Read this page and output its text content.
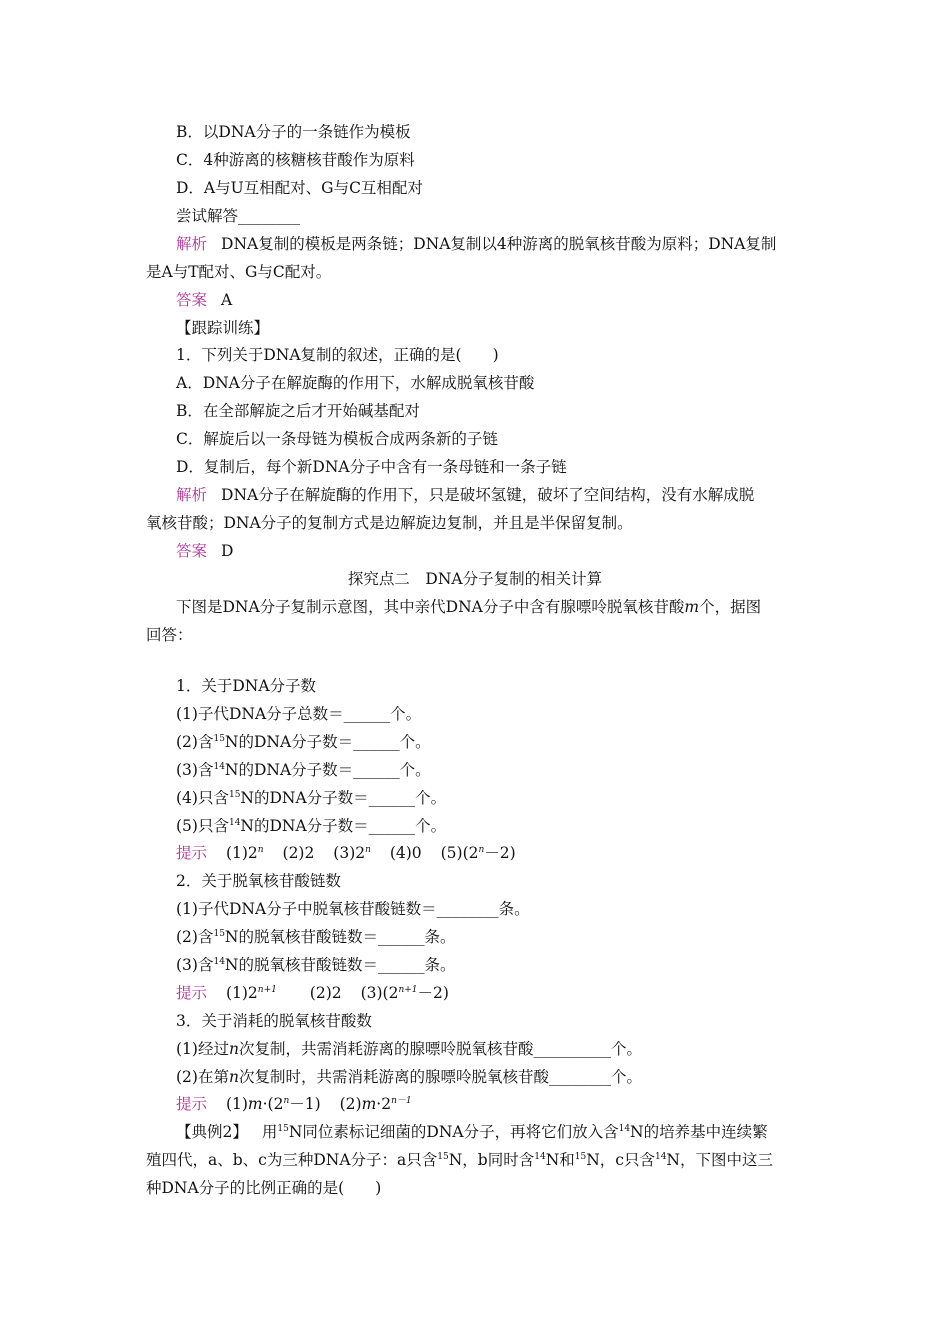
B．以DNA分子的一条链作为模板
C．4种游离的核糖核苷酸作为原料
D．A与U互相配对、G与C互相配对
尝试解答________
解析 DNA复制的模板是两条链；DNA复制以4种游离的脱氧核苷酸为原料；DNA复制
是A与T配对、G与C配对。
答案 A
【跟踪训练】
1．下列关于DNA复制的叙述，正确的是(　　)
A．DNA分子在解旋酶的作用下，水解成脱氧核苷酸
B．在全部解旋之后才开始碱基配对
C．解旋后以一条母链为模板合成两条新的子链
D．复制后，每个新DNA分子中含有一条母链和一条子链
解析 DNA分子在解旋酶的作用下，只是破坏氢键，破坏了空间结构，没有水解成脱
氧核苷酸；DNA分子的复制方式是边解旋边复制，并且是半保留复制。
答案 D
探究点二　DNA分子复制的相关计算
下图是DNA分子复制示意图，其中亲代DNA分子中含有腺嘌呤脱氧核苷酸m个，据图
回答：
1．关于DNA分子数
(1)子代DNA分子总数＝______个。
(2)含$^{15}$N的DNA分子数＝______个。
(3)含$^{14}$N的DNA分子数＝______个。
(4)只含$^{15}$N的DNA分子数＝______个。
(5)只含$^{14}$N的DNA分子数＝______个。
提示 (1)2$^n$ (2)2 (3)2$^n$ (4)0 $(5)(2^n-2)$
2．关于脱氧核苷酸链数
(1)子代DNA分子中脱氧核苷酸链数＝________条。
(2)含$^{15}$N的脱氧核苷酸链数＝______条。
(3)含$^{14}$N的脱氧核苷酸链数＝______条。
提示 $(1)2^{n+1}$ (2)2 $(3)(2^{n+1}-2)$
3．关于消耗的脱氧核苷酸数
(1)经过n次复制，共需消耗游离的腺嘌呤脱氧核苷酸__________个。
(2)在第n次复制时，共需消耗游离的腺嘌呤脱氧核苷酸________个。
提示 $(1)m\cdot(2^n-1)$ $(2)m\cdot 2^{n-1}$
【典例2】 用$^{15}$N同位素标记细菌的DNA分子，再将它们放入含$^{14}$N的培养基中连续繁
殖四代，a、b、c为三种DNA分子：a只含$^{15}$N，b同时含$^{14}$N和$^{15}$N，c只含$^{14}$N，下图中这三
种DNA分子的比例正确的是(　　)
